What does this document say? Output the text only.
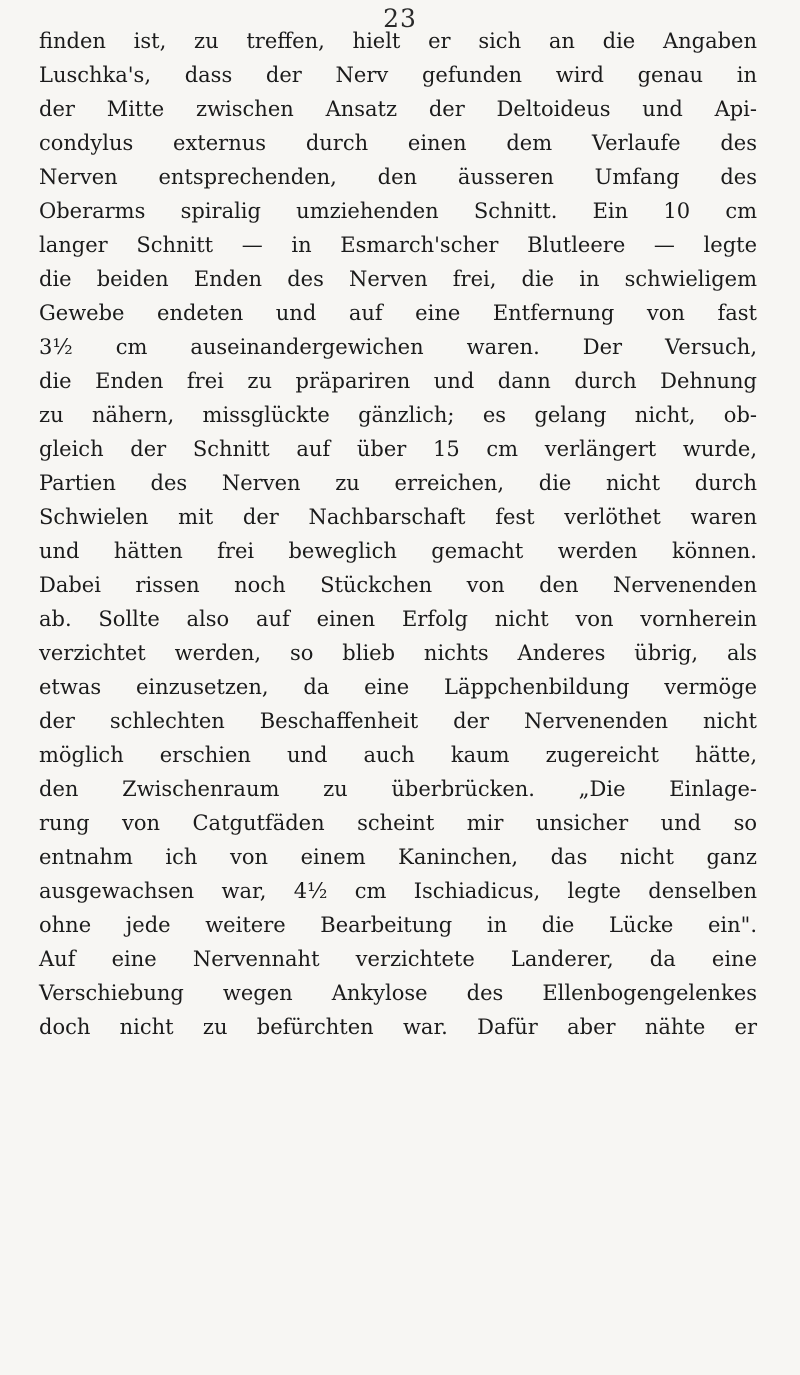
23
finden ist, zu treffen, hielt er sich an die Angaben
Luschka's, dass der Nerv gefunden wird genau in
der Mitte zwischen Ansatz der Deltoideus und Api-
condylus externus durch einen dem Verlaufe des
Nerven entsprechenden, den äusseren Umfang des
Oberarms spiralig umziehenden Schnitt. Ein 10 cm
langer Schnitt — in Esmarch'scher Blutleere — legte
die beiden Enden des Nerven frei, die in schwieligem
Gewebe endeten und auf eine Entfernung von fast
3½ cm auseinandergewichen waren. Der Versuch,
die Enden frei zu präpariren und dann durch Dehnung
zu nähern, missglückte gänzlich; es gelang nicht, ob-
gleich der Schnitt auf über 15 cm verlängert wurde,
Partien des Nerven zu erreichen, die nicht durch
Schwielen mit der Nachbarschaft fest verlöthet waren
und hätten frei beweglich gemacht werden können.
Dabei rissen noch Stückchen von den Nervenenden
ab. Sollte also auf einen Erfolg nicht von vornherein
verzichtet werden, so blieb nichts Anderes übrig, als
etwas einzusetzen, da eine Läppchenbildung vermöge
der schlechten Beschaffenheit der Nervenenden nicht
möglich erschien und auch kaum zugereicht hätte,
den Zwischenraum zu überbrücken. „Die Einlage-
rung von Catgutfäden scheint mir unsicher und so
entnahm ich von einem Kaninchen, das nicht ganz
ausgewachsen war, 4½ cm Ischiadicus, legte denselben
ohne jede weitere Bearbeitung in die Lücke ein".
Auf eine Nervennaht verzichtete Landerer, da eine
Verschiebung wegen Ankylose des Ellenbogengelenkes
doch nicht zu befürchten war. Dafür aber nähte er
